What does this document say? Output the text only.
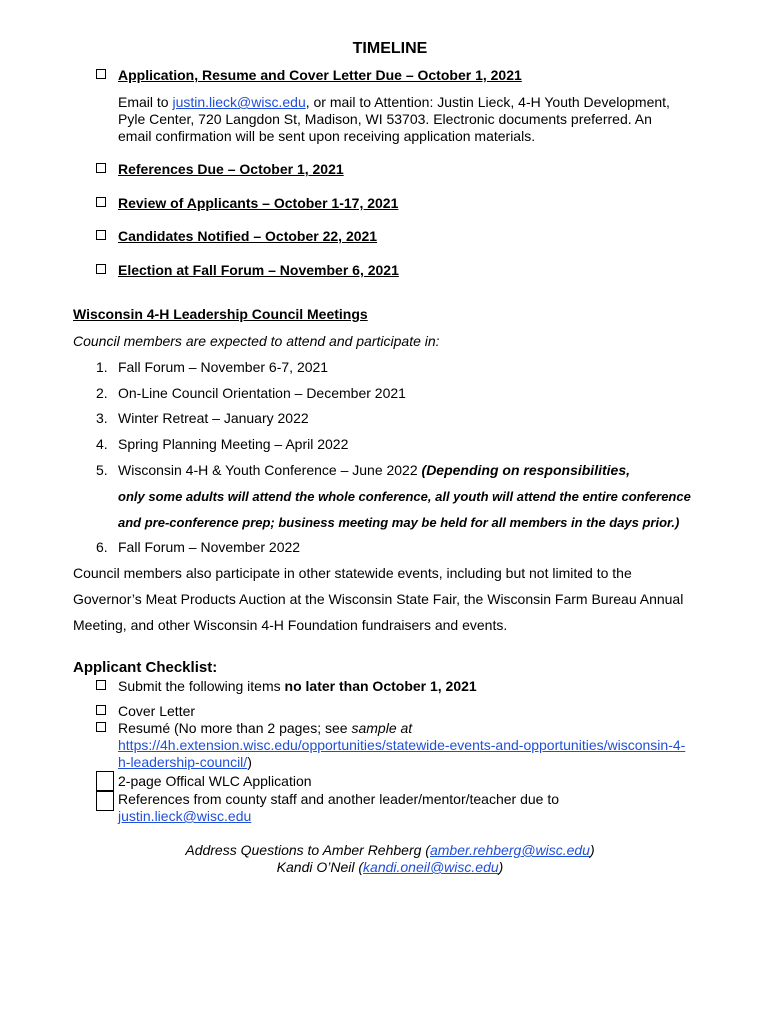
TIMELINE
Application, Resume and Cover Letter Due – October 1, 2021
Email to justin.lieck@wisc.edu, or mail to Attention: Justin Lieck, 4-H Youth Development,
Pyle Center, 720 Langdon St, Madison, WI 53703. Electronic documents preferred. An
email confirmation will be sent upon receiving application materials.
References Due – October 1, 2021
Review of Applicants – October 1-17, 2021
Candidates Notified – October 22, 2021
Election at Fall Forum – November 6, 2021
Wisconsin 4-H Leadership Council Meetings
Council members are expected to attend and participate in:
1. Fall Forum – November 6-7, 2021
2. On-Line Council Orientation – December 2021
3. Winter Retreat – January 2022
4. Spring Planning Meeting – April 2022
5. Wisconsin 4-H & Youth Conference – June 2022 (Depending on responsibilities,
only some adults will attend the whole conference, all youth will attend the entire conference
and pre-conference prep; business meeting may be held for all members in the days prior.)
6. Fall Forum – November 2022
Council members also participate in other statewide events, including but not limited to the
Governor’s Meat Products Auction at the Wisconsin State Fair, the Wisconsin Farm Bureau Annual
Meeting, and other Wisconsin 4-H Foundation fundraisers and events.
Applicant Checklist:
Submit the following items no later than October 1, 2021
Cover Letter
Resumé (No more than 2 pages; see sample at
https://4h.extension.wisc.edu/opportunities/statewide-events-and-opportunities/wisconsin-4-
h-leadership-council/)
2-page Offical WLC Application
References from county staff and another leader/mentor/teacher due to
justin.lieck@wisc.edu
Address Questions to Amber Rehberg (amber.rehberg@wisc.edu)
Kandi O’Neil (kandi.oneil@wisc.edu)
